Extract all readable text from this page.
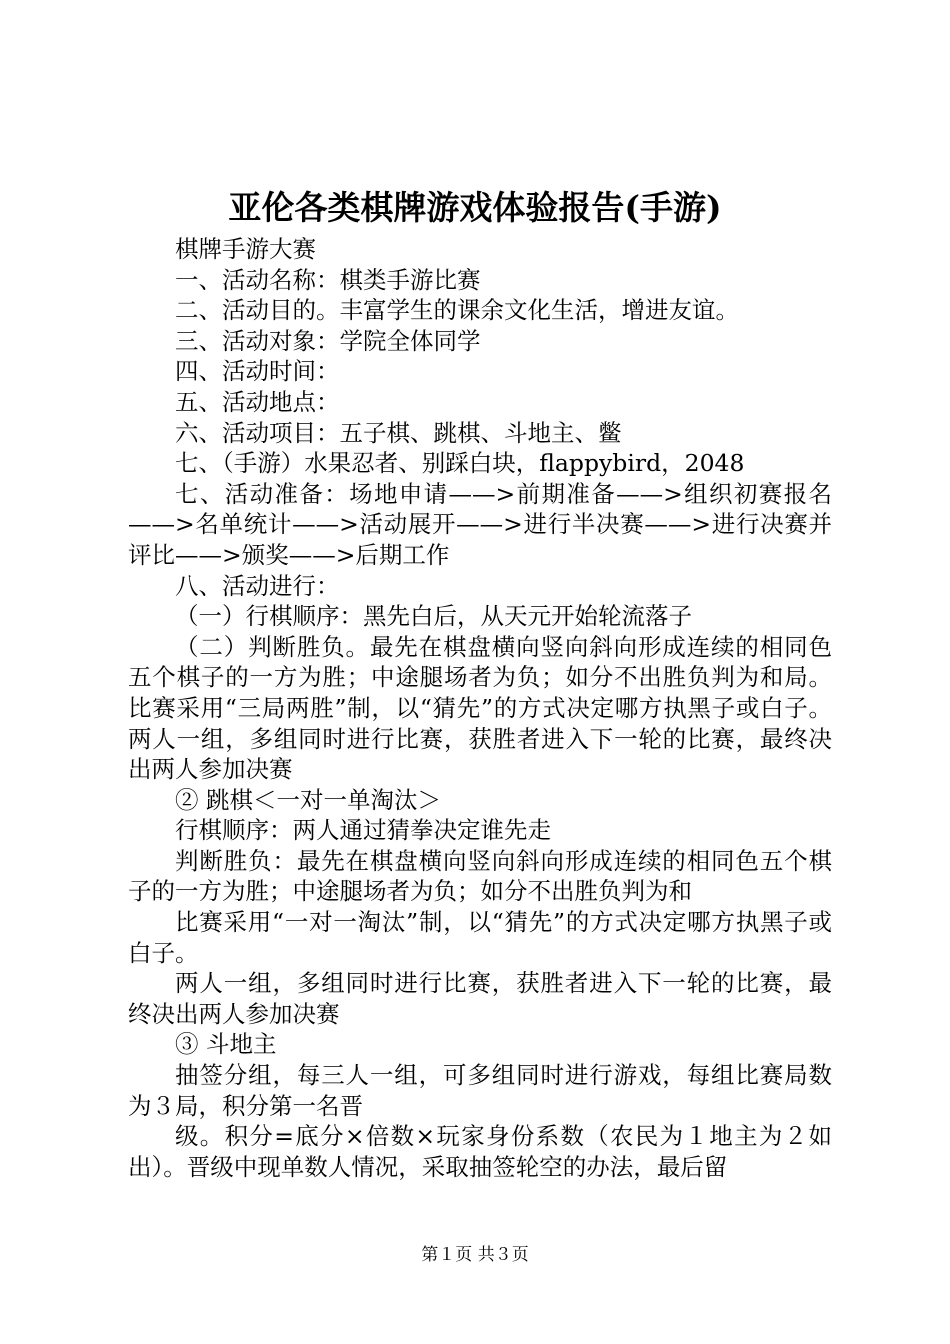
亚伦各类棋牌游戏体验报告(手游)

棋牌手游大赛

一、活动名称：棋类手游比赛

二、活动目的。丰富学生的课余文化生活，增进友谊。

三、活动对象：学院全体同学

四、活动时间：

五、活动地点：

六、活动项目：五子棋、跳棋、斗地主、鳖

七、（手游）水果忍者、别踩白块，flappybird，2048

七、活动准备：场地申请——>前期准备——>组织初赛报名——>名单统计——>活动展开——>进行半决赛——>进行决赛并评比——>颁奖——>后期工作

八、活动进行：

（一）行棋顺序：黑先白后，从天元开始轮流落子

（二）判断胜负。最先在棋盘横向竖向斜向形成连续的相同色五个棋子的一方为胜；中途腿场者为负；如分不出胜负判为和局。比赛采用“三局两胜”制，以“猜先”的方式决定哪方执黑子或白子。两人一组，多组同时进行比赛，获胜者进入下一轮的比赛，最终决出两人参加决赛

② 跳棋＜一对一单淘汰＞

行棋顺序：两人通过猜拳决定谁先走

判断胜负：最先在棋盘横向竖向斜向形成连续的相同色五个棋子的一方为胜；中途腿场者为负；如分不出胜负判为和

比赛采用“一对一淘汰”制，以“猜先”的方式决定哪方执黑子或白子。

两人一组，多组同时进行比赛，获胜者进入下一轮的比赛，最终决出两人参加决赛

③ 斗地主

抽签分组，每三人一组，可多组同时进行游戏，每组比赛局数为３局，积分第一名晋

级。积分=底分×倍数×玩家身份系数（农民为１地主为２如出）。晋级中现单数人情况，采取抽签轮空的办法，最后留

第１页 共３页
